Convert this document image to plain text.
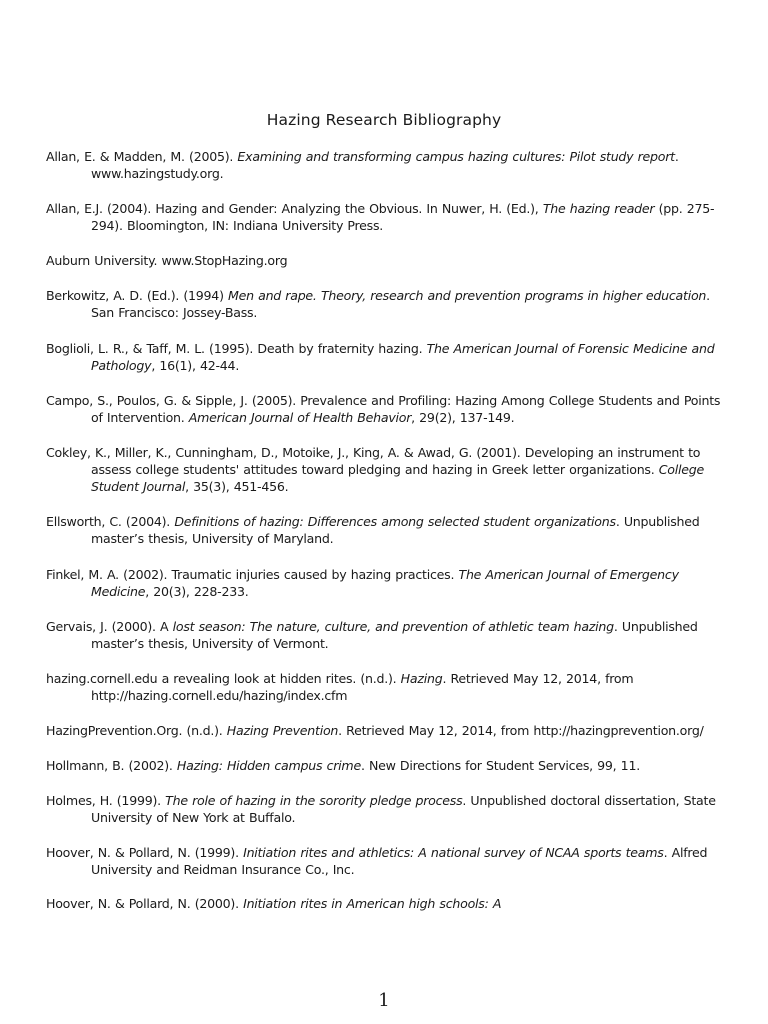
Hazing Research Bibliography
Allan, E. & Madden, M. (2005). Examining and transforming campus hazing cultures: Pilot study report. www.hazingstudy.org.
Allan, E.J. (2004). Hazing and Gender: Analyzing the Obvious. In Nuwer, H. (Ed.), The hazing reader (pp. 275-294). Bloomington, IN: Indiana University Press.
Auburn University. www.StopHazing.org
Berkowitz, A. D. (Ed.). (1994) Men and rape. Theory, research and prevention programs in higher education. San Francisco: Jossey-Bass.
Boglioli, L. R., & Taff, M. L. (1995). Death by fraternity hazing. The American Journal of Forensic Medicine and Pathology, 16(1), 42-44.
Campo, S., Poulos, G. & Sipple, J. (2005). Prevalence and Profiling: Hazing Among College Students and Points of Intervention. American Journal of Health Behavior, 29(2), 137-149.
Cokley, K., Miller, K., Cunningham, D., Motoike, J., King, A. & Awad, G. (2001). Developing an instrument to assess college students' attitudes toward pledging and hazing in Greek letter organizations. College Student Journal, 35(3), 451-456.
Ellsworth, C. (2004). Definitions of hazing: Differences among selected student organizations. Unpublished master’s thesis, University of Maryland.
Finkel, M. A. (2002). Traumatic injuries caused by hazing practices. The American Journal of Emergency Medicine, 20(3), 228-233.
Gervais, J. (2000). A lost season: The nature, culture, and prevention of athletic team hazing. Unpublished master’s thesis, University of Vermont.
hazing.cornell.edu a revealing look at hidden rites. (n.d.). Hazing. Retrieved May 12, 2014, from http://hazing.cornell.edu/hazing/index.cfm
HazingPrevention.Org. (n.d.). Hazing Prevention. Retrieved May 12, 2014, from http://hazingprevention.org/
Hollmann, B. (2002). Hazing: Hidden campus crime. New Directions for Student Services, 99, 11.
Holmes, H. (1999). The role of hazing in the sorority pledge process. Unpublished doctoral dissertation, State University of New York at Buffalo.
Hoover, N. & Pollard, N. (1999). Initiation rites and athletics: A national survey of NCAA sports teams. Alfred University and Reidman Insurance Co., Inc.
Hoover, N. & Pollard, N. (2000). Initiation rites in American high schools: A

1
